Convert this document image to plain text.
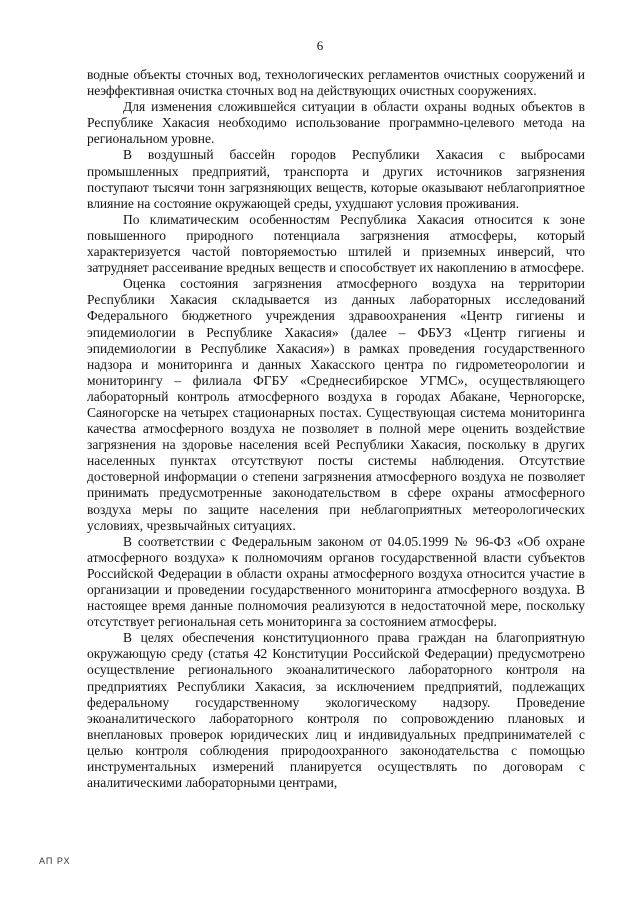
6

водные объекты сточных вод, технологических регламентов очистных сооружений и неэффективная очистка сточных вод на действующих очистных сооружениях.

Для изменения сложившейся ситуации в области охраны водных объектов в Республике Хакасия необходимо использование программно-целевого метода на региональном уровне.

В воздушный бассейн городов Республики Хакасия с выбросами промышленных предприятий, транспорта и других источников загрязнения поступают тысячи тонн загрязняющих веществ, которые оказывают неблагоприятное влияние на состояние окружающей среды, ухудшают условия проживания.

По климатическим особенностям Республика Хакасия относится к зоне повышенного природного потенциала загрязнения атмосферы, который характеризуется частой повторяемостью штилей и приземных инверсий, что затрудняет рассеивание вредных веществ и способствует их накоплению в атмосфере.

Оценка состояния загрязнения атмосферного воздуха на территории Республики Хакасия складывается из данных лабораторных исследований Федерального бюджетного учреждения здравоохранения «Центр гигиены и эпидемиологии в Республике Хакасия» (далее – ФБУЗ «Центр гигиены и эпидемиологии в Республике Хакасия») в рамках проведения государственного надзора и мониторинга и данных Хакасского центра по гидрометеорологии и мониторингу – филиала ФГБУ «Среднесибирское УГМС», осуществляющего лабораторный контроль атмосферного воздуха в городах Абакане, Черногорске, Саяногорске на четырех стационарных постах. Существующая система мониторинга качества атмосферного воздуха не позволяет в полной мере оценить воздействие загрязнения на здоровье населения всей Республики Хакасия, поскольку в других населенных пунктах отсутствуют посты системы наблюдения. Отсутствие достоверной информации о степени загрязнения атмосферного воздуха не позволяет принимать предусмотренные законодательством в сфере охраны атмосферного воздуха меры по защите населения при неблагоприятных метеорологических условиях, чрезвычайных ситуациях.

В соответствии с Федеральным законом от 04.05.1999 № 96-ФЗ «Об охране атмосферного воздуха» к полномочиям органов государственной власти субъектов Российской Федерации в области охраны атмосферного воздуха относится участие в организации и проведении государственного мониторинга атмосферного воздуха. В настоящее время данные полномочия реализуются в недостаточной мере, поскольку отсутствует региональная сеть мониторинга за состоянием атмосферы.

В целях обеспечения конституционного права граждан на благоприятную окружающую среду (статья 42 Конституции Российской Федерации) предусмотрено осуществление регионального экоаналитического лабораторного контроля на предприятиях Республики Хакасия, за исключением предприятий, подлежащих федеральному государственному экологическому надзору. Проведение экоаналитического лабораторного контроля по сопровождению плановых и внеплановых проверок юридических лиц и индивидуальных предпринимателей с целью контроля соблюдения природоохранного законодательства с помощью инструментальных измерений планируется осуществлять по договорам с аналитическими лабораторными центрами,

АП РХ
